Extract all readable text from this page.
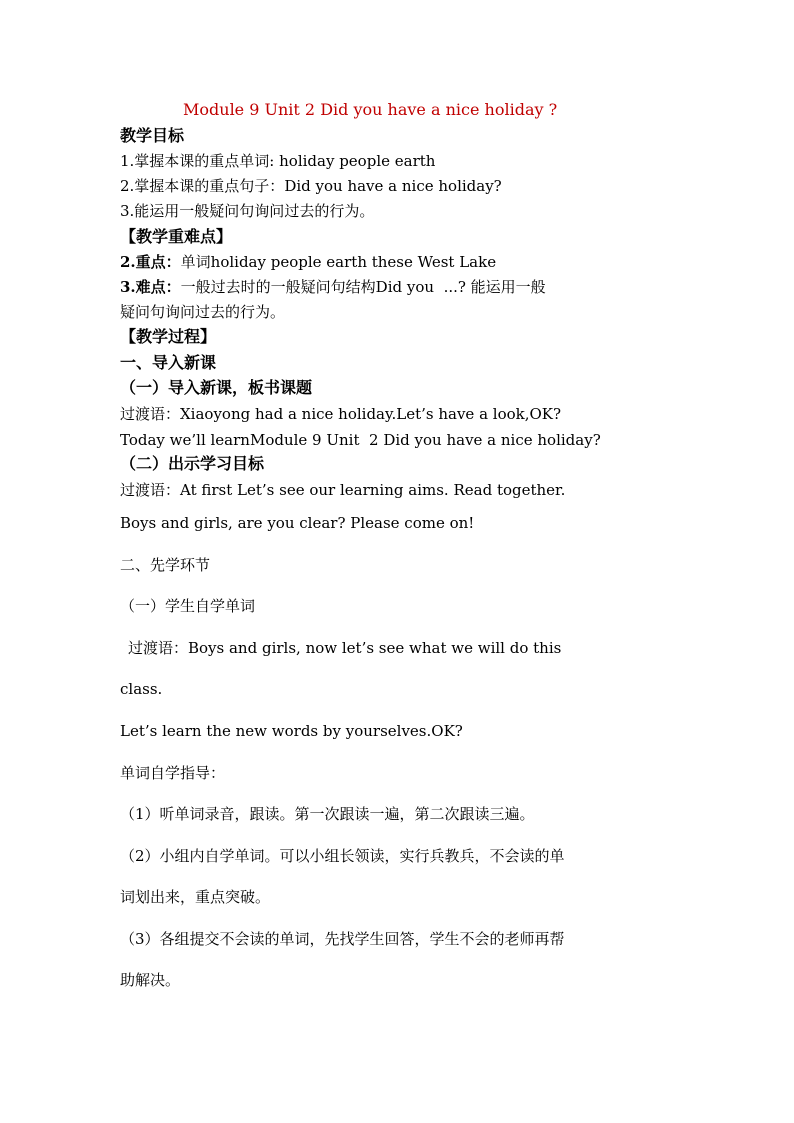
Module 9 Unit 2 Did you have a nice holiday ?
教学目标
1.掌握本课的重点单词: holiday people earth
2.掌握本课的重点句子：Did you have a nice holiday?
3.能运用一般疑问句询问过去的行为。
【教学重难点】
2.重点：单词holiday people earth these West Lake
3.难点：一般过去时的一般疑问句结构Did you  ...? 能运用一般
疑问句询问过去的行为。
【教学过程】
一、导入新课
（一）导入新课，板书课题
过渡语：Xiaoyong had a nice holiday.Let’s have a look,OK?
Today we’ll learnModule 9 Unit  2 Did you have a nice holiday?
（二）出示学习目标
过渡语：At first Let’s see our learning aims. Read together.
Boys and girls, are you clear? Please come on!
二、先学环节
（一）学生自学单词
过渡语：Boys and girls, now let’s see what we will do this
class.
Let’s learn the new words by yourselves.OK?
单词自学指导：
（1）听单词录音，跟读。第一次跟读一遍，第二次跟读三遍。
（2）小组内自学单词。可以小组长领读，实行兵教兵，不会读的单
词划出来，重点突破。
（3）各组提交不会读的单词，先找学生回答，学生不会的老师再帮
助解决。
